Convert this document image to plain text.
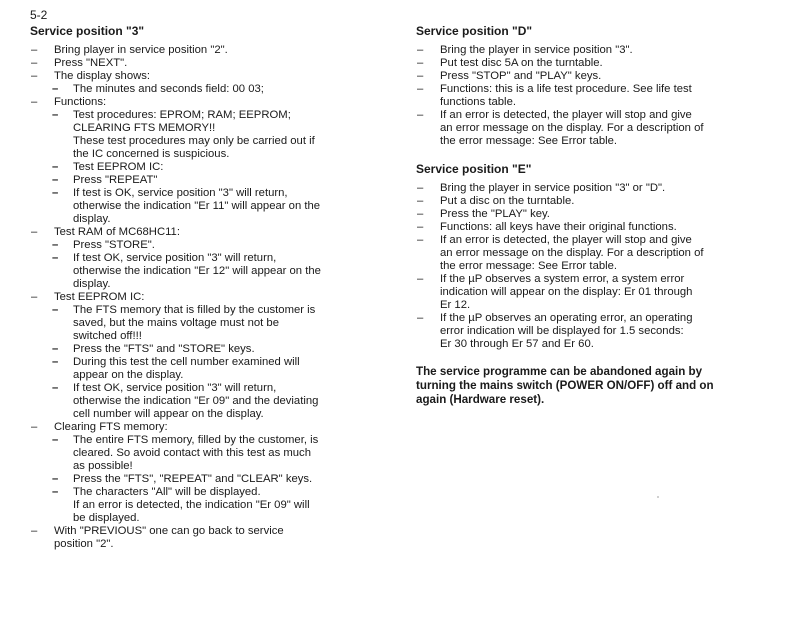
5-2
Service position "3"
–	Bring player in service position "2".
–	Press "NEXT".
–	The display shows:
–	The minutes and seconds field: 00 03;
–	Functions:
–	Test procedures: EPROM; RAM; EEPROM;
CLEARING FTS MEMORY!!
These test procedures may only be carried out if
the IC concerned is suspicious.
–	Test EEPROM IC:
–	Press "REPEAT"
–	If test is OK, service position "3" will return,
otherwise the indication "Er 11" will appear on the
display.
–	Test RAM of MC68HC11:
–	Press "STORE".
–	If test OK, service position "3" will return,
otherwise the indication "Er 12" will appear on the
display.
–	Test EEPROM IC:
–	The FTS memory that is filled by the customer is
saved, but the mains voltage must not be
switched off!!!
–	Press the "FTS" and "STORE" keys.
–	During this test the cell number examined will
appear on the display.
–	If test OK, service position "3" will return,
otherwise the indication "Er 09" and the deviating
cell number will appear on the display.
–	Clearing FTS memory:
–	The entire FTS memory, filled by the customer, is
cleared. So avoid contact with this test as much
as possible!
–	Press the "FTS", "REPEAT" and "CLEAR" keys.
–	The characters "All" will be displayed.
If an error is detected, the indication "Er 09" will
be displayed.
–	With "PREVIOUS" one can go back to service
position "2".
Service position "D"
–	Bring the player in service position "3".
–	Put test disc 5A on the turntable.
–	Press "STOP" and "PLAY" keys.
–	Functions: this is a life test procedure. See life test
functions table.
–	If an error is detected, the player will stop and give
an error message on the display. For a description of
the error message: See Error table.
Service position "E"
–	Bring the player in service position "3" or "D".
–	Put a disc on the turntable.
–	Press the "PLAY" key.
–	Functions: all keys have their original functions.
–	If an error is detected, the player will stop and give
an error message on the display. For a description of
the error message: See Error table.
–	If the µP observes a system error, a system error
indication will appear on the display: Er 01 through
Er 12.
–	If the µP observes an operating error, an operating
error indication will be displayed for 1.5 seconds:
Er 30 through Er 57 and Er 60.
The service programme can be abandoned again by
turning the mains switch (POWER ON/OFF) off and on
again (Hardware reset).
